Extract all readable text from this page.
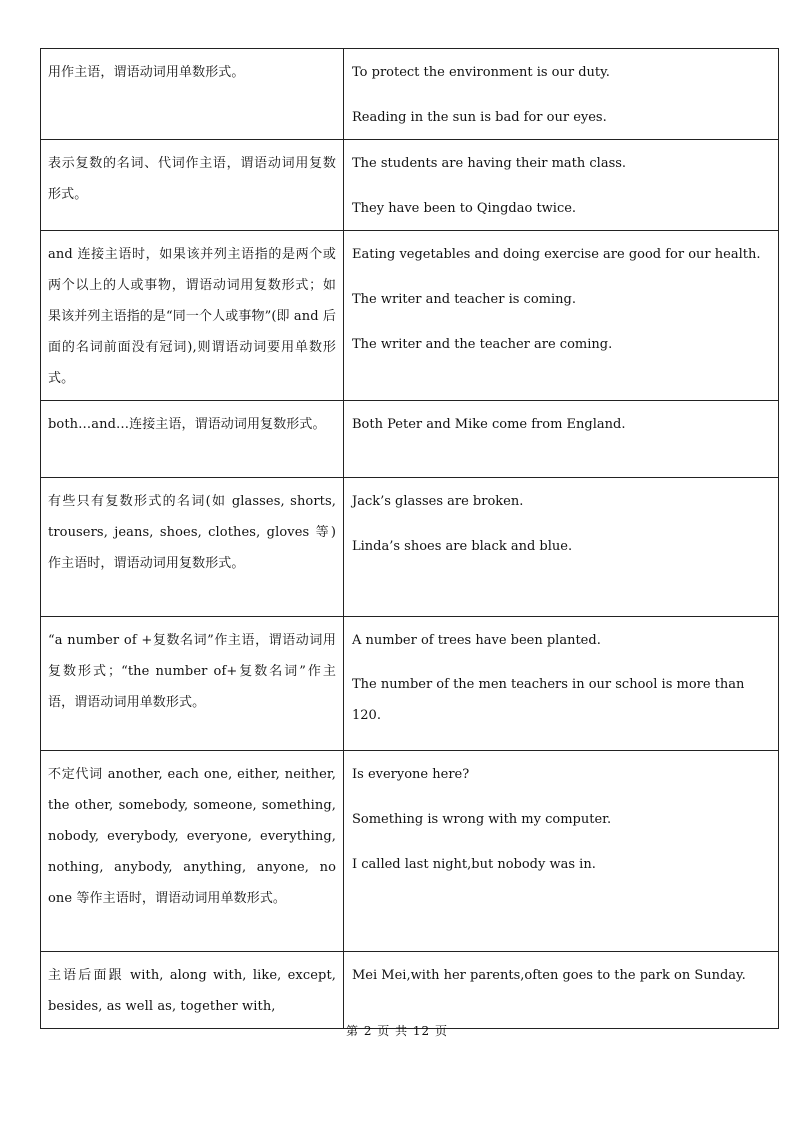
用作主语，谓语动词用单数形式。	To protect the environment is our duty.
Reading in the sun is bad for our eyes.

表示复数的名词、代词作主语，谓语动词用复数形式。	The students are having their math class.
They have been to Qingdao twice.

and 连接主语时，如果该并列主语指的是两个或两个以上的人或事物，谓语动词用复数形式；如果该并列主语指的是“同一个人或事物”(即 and 后面的名词前面没有冠词),则谓语动词要用单数形式。	Eating vegetables and doing exercise are good for our health.
The writer and teacher is coming.
The writer and the teacher are coming.

both…and…连接主语，谓语动词用复数形式。	Both Peter and Mike come from England.

有些只有复数形式的名词(如 glasses, shorts, trousers, jeans, shoes, clothes, gloves 等)作主语时，谓语动词用复数形式。	Jack’s glasses are broken.
Linda’s shoes are black and blue.

“a number of +复数名词”作主语，谓语动词用复数形式；“the number of+复数名词”作主语，谓语动词用单数形式。	A number of trees have been planted.
The number of the men teachers in our school is more than 120.

不定代词 another, each one, either, neither, the other, somebody, someone, something, nobody, everybody, everyone, everything, nothing, anybody, anything, anyone, no one 等作主语时，谓语动词用单数形式。	Is everyone here?
Something is wrong with my computer.
I called last night,but nobody was in.

主语后面跟 with, along with, like, except, besides, as well as, together with,	Mei Mei,with her parents,often goes to the park on Sunday.
第 2 页 共 12 页
